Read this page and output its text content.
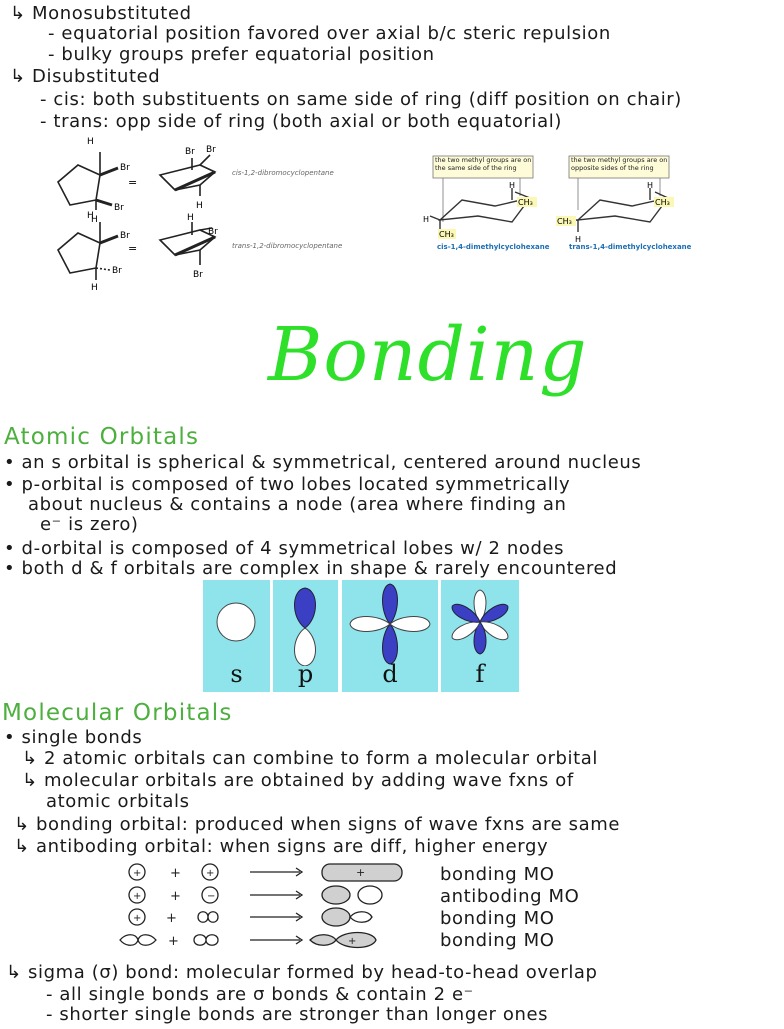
↳ Monosubstituted
- equatorial position favored over axial b/c steric repulsion
- bulky groups prefer equatorial position
↳ Disubstituted
- cis: both substituents on same side of ring (diff position on chair)
- trans: opp side of ring (both axial or both equatorial)
H
Br
Br
H
=
Br Br
H
cis-1,2-dibromocyclopentane
H
Br
Br
H
=
H
Br
Br
trans-1,2-dibromocyclopentane
the two methyl groups are on the same side of the ring
CH₃
CH₃
H
H
cis-1,4-dimethylcyclohexane
the two methyl groups are on opposite sides of the ring
CH₃
CH₃
H
H
trans-1,4-dimethylcyclohexane
Bonding
Atomic Orbitals
• an s orbital is spherical & symmetrical, centered around nucleus
• p-orbital is composed of two lobes located symmetrically
about nucleus & contains a node (area where finding an
e⁻ is zero)
• d-orbital is composed of 4 symmetrical lobes w/ 2 nodes
• both d & f orbitals are complex in shape & rarely encountered
s	p	d	f
Molecular Orbitals
• single bonds
↳ 2 atomic orbitals can combine to form a molecular orbital
↳ molecular orbitals are obtained by adding wave fxns of
atomic orbitals
↳ bonding orbital: produced when signs of wave fxns are same
↳ antiboding orbital: when signs are diff, higher energy
+ +	+	+
+ +	−
+ +
+	+
bonding MO
antiboding MO
bonding MO
bonding MO
↳ sigma (σ) bond: molecular formed by head-to-head overlap
- all single bonds are σ bonds & contain 2 e⁻
- shorter single bonds are stronger than longer ones
